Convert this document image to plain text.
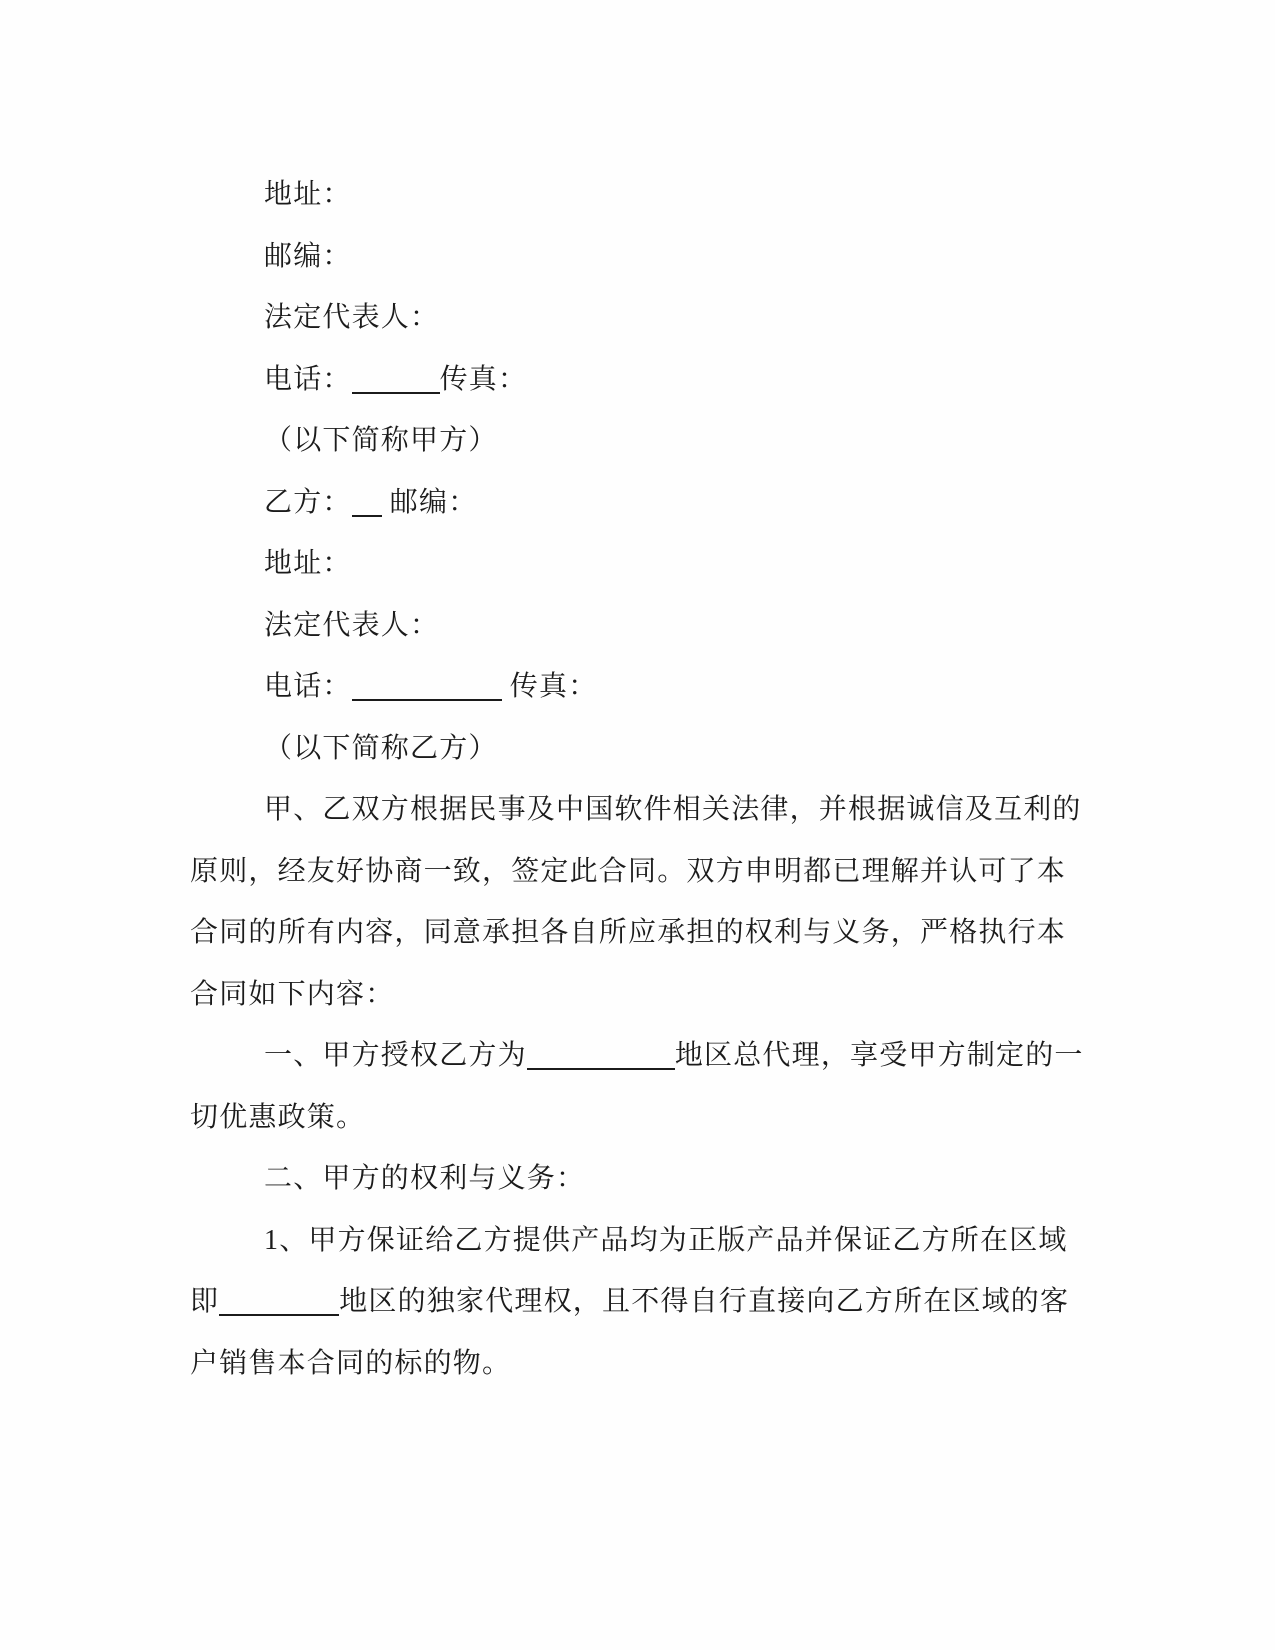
地址：
邮编：
法定代表人：
电话：	传真：
（以下简称甲方）
乙方： 邮编：
地址：
法定代表人：
电话：	传真：
（以下简称乙方）
甲、乙双方根据民事及中国软件相关法律，并根据诚信及互利的
原则，经友好协商一致，签定此合同。双方申明都已理解并认可了本
合同的所有内容，同意承担各自所应承担的权利与义务，严格执行本
合同如下内容：
一、甲方授权乙方为	地区总代理，享受甲方制定的一
切优惠政策。
二、甲方的权利与义务：
1、甲方保证给乙方提供产品均为正版产品并保证乙方所在区域
即	地区的独家代理权，且不得自行直接向乙方所在区域的客
户销售本合同的标的物。
